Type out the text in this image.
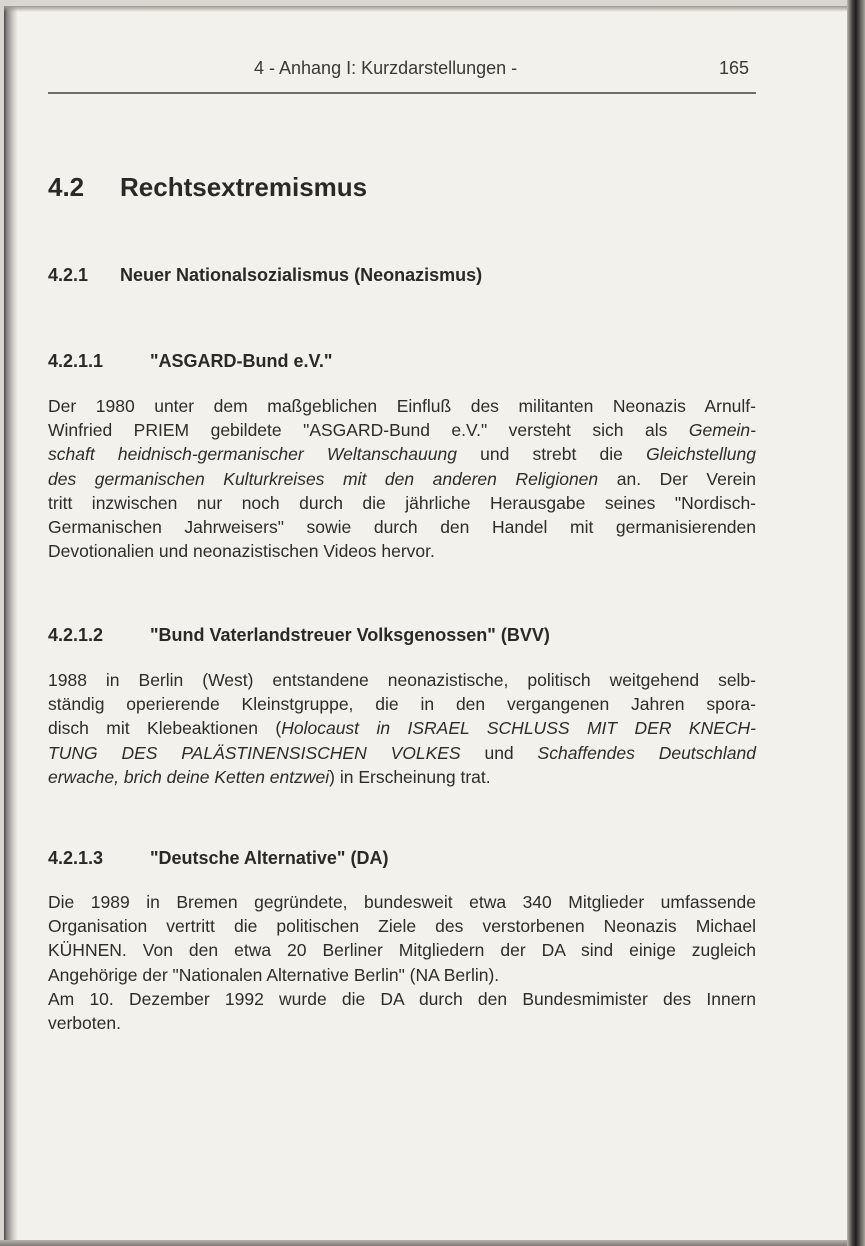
4 - Anhang I: Kurzdarstellungen -	165
4.2 Rechtsextremismus
4.2.1 Neuer Nationalsozialismus (Neonazismus)
4.2.1.1	"ASGARD-Bund e.V."
Der 1980 unter dem maßgeblichen Einfluß des militanten Neonazis Arnulf-
Winfried PRIEM gebildete "ASGARD-Bund e.V." versteht sich als Gemein-
schaft heidnisch-germanischer Weltanschauung und strebt die Gleichstellung
des germanischen Kulturkreises mit den anderen Religionen an. Der Verein
tritt inzwischen nur noch durch die jährliche Herausgabe seines "Nordisch-
Germanischen Jahrweisers" sowie durch den Handel mit germanisierenden
Devotionalien und neonazistischen Videos hervor.
4.2.1.2	"Bund Vaterlandstreuer Volksgenossen" (BVV)
1988 in Berlin (West) entstandene neonazistische, politisch weitgehend selb-
ständig operierende Kleinstgruppe, die in den vergangenen Jahren spora-
disch mit Klebeaktionen (Holocaust in ISRAEL SCHLUSS MIT DER KNECH-
TUNG DES PALÄSTINENSISCHEN VOLKES und Schaffendes Deutschland
erwache, brich deine Ketten entzwei) in Erscheinung trat.
4.2.1.3	"Deutsche Alternative" (DA)
Die 1989 in Bremen gegründete, bundesweit etwa 340 Mitglieder umfassende
Organisation vertritt die politischen Ziele des verstorbenen Neonazis Michael
KÜHNEN. Von den etwa 20 Berliner Mitgliedern der DA sind einige zugleich
Angehörige der "Nationalen Alternative Berlin" (NA Berlin).
Am 10. Dezember 1992 wurde die DA durch den Bundesmimister des Innern
verboten.
